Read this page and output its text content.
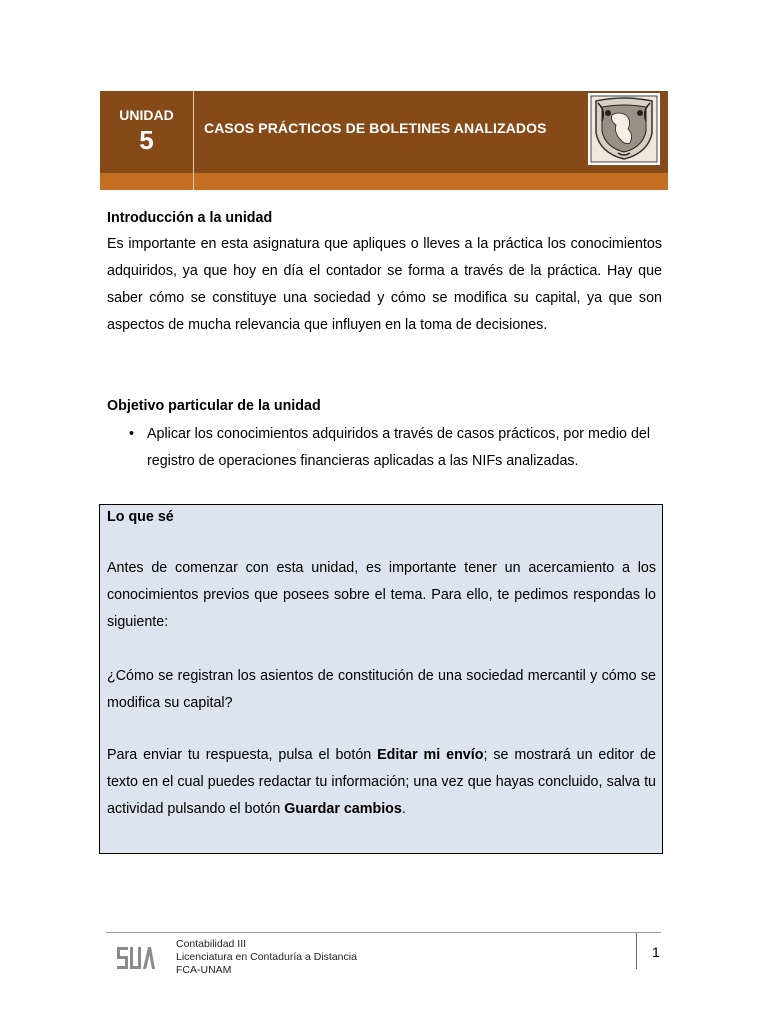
UNIDAD
5	CASOS PRÁCTICOS DE BOLETINES ANALIZADOS
Introducción a la unidad

Es importante en esta asignatura que apliques o lleves a la práctica los conocimientos adquiridos, ya que hoy en día el contador se forma a través de la práctica. Hay que saber cómo se constituye una sociedad y cómo se modifica su capital, ya que son aspectos de mucha relevancia que influyen en la toma de decisiones.

Objetivo particular de la unidad
• Aplicar los conocimientos adquiridos a través de casos prácticos, por medio del registro de operaciones financieras aplicadas a las NIFs analizadas.
Lo que sé

Antes de comenzar con esta unidad, es importante tener un acercamiento a los conocimientos previos que posees sobre el tema. Para ello, te pedimos respondas lo siguiente:

¿Cómo se registran los asientos de constitución de una sociedad mercantil y cómo se modifica su capital?

Para enviar tu respuesta, pulsa el botón Editar mi envío; se mostrará un editor de texto en el cual puedes redactar tu información; una vez que hayas concluido, salva tu actividad pulsando el botón Guardar cambios.

Contabilidad III
Licenciatura en Contaduría a Distancia
FCA-UNAM
1
